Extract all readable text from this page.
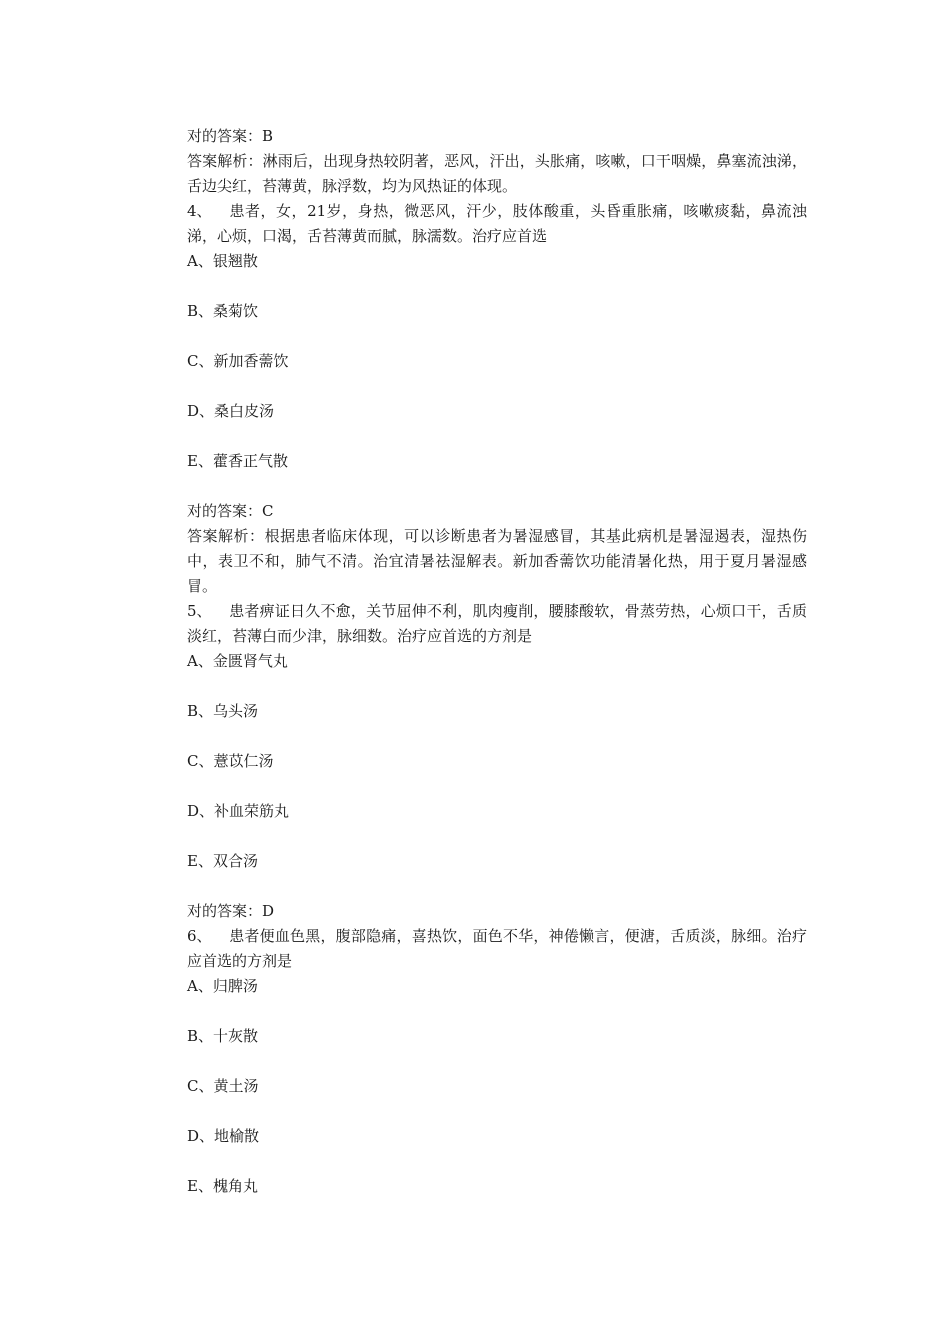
对的答案：B

答案解析：淋雨后，出现身热较阴著，恶风，汗出，头胀痛，咳嗽，口干咽燥，鼻塞流浊涕，舌边尖红，苔薄黄，脉浮数，均为风热证的体现。

4、 患者，女，21岁，身热，微恶风，汗少，肢体酸重，头昏重胀痛，咳嗽痰黏，鼻流浊涕，心烦，口渴，舌苔薄黄而腻，脉濡数。治疗应首选

A、银翘散

B、桑菊饮

C、新加香薷饮

D、桑白皮汤

E、藿香正气散

对的答案：C

答案解析：根据患者临床体现，可以诊断患者为暑湿感冒，其基此病机是暑湿遏表，湿热伤中，表卫不和，肺气不清。治宜清暑祛湿解表。新加香薷饮功能清暑化热，用于夏月暑湿感冒。

5、 患者痹证日久不愈，关节屈伸不利，肌肉瘦削，腰膝酸软，骨蒸劳热，心烦口干，舌质淡红，苔薄白而少津，脉细数。治疗应首选的方剂是

A、金匮肾气丸

B、乌头汤

C、薏苡仁汤

D、补血荣筋丸

E、双合汤

对的答案：D

6、 患者便血色黑，腹部隐痛，喜热饮，面色不华，神倦懒言，便溏，舌质淡，脉细。治疗应首选的方剂是

A、归脾汤

B、十灰散

C、黄土汤

D、地榆散

E、槐角丸
